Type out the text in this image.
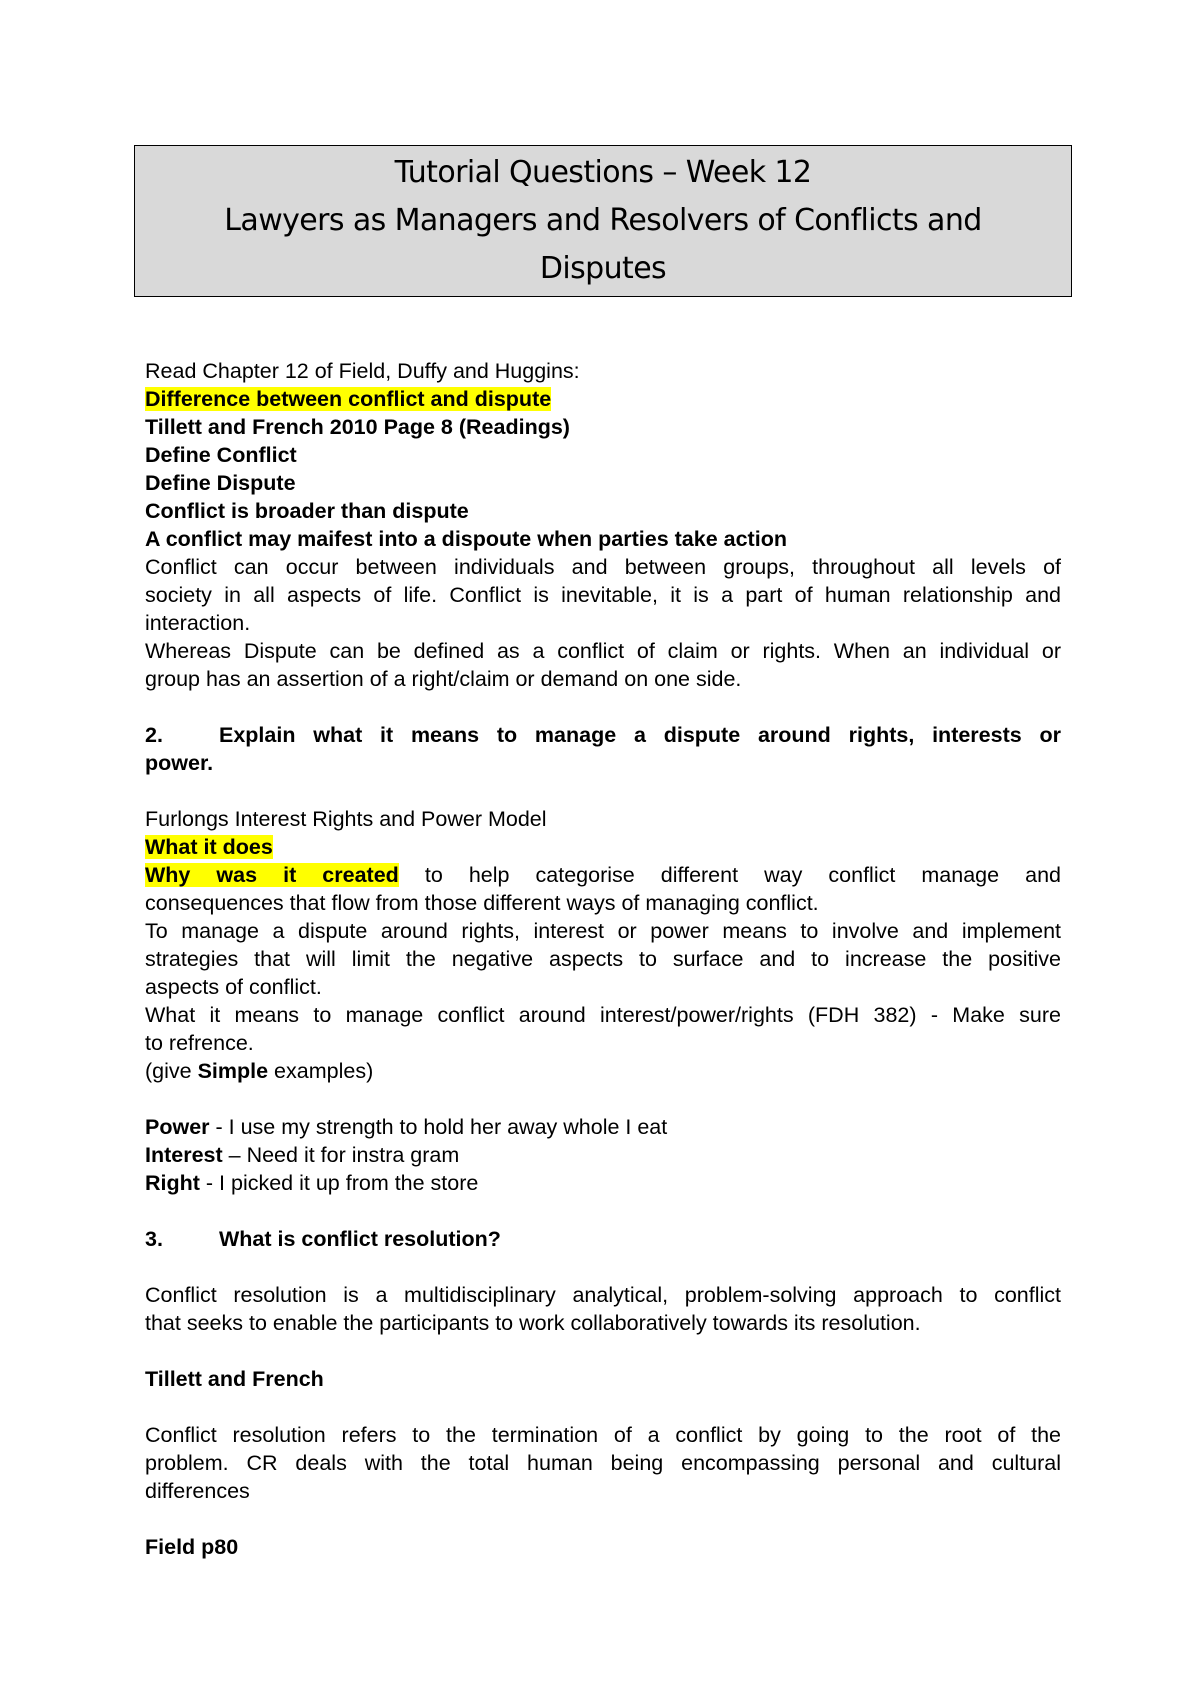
Tutorial Questions – Week 12
Lawyers as Managers and Resolvers of Conflicts and
Disputes

Read Chapter 12 of Field, Duffy and Huggins:

Difference between conflict and dispute

Tillett and French 2010 Page 8 (Readings)

Define Conflict

Define Dispute

Conflict is broader than dispute

A conflict may maifest into a dispoute when parties take action

Conflict can occur between individuals and between groups, throughout all levels of

society in all aspects of life. Conflict is inevitable, it is a part of human relationship and

interaction.

Whereas Dispute can be defined as a conflict of claim or rights. When an individual or

group has an assertion of a right/claim or demand on one side.

2.	Explain what it means to manage a dispute around rights, interests or

power.

Furlongs Interest Rights and Power Model

What it does

Why was it created to help categorise different way conflict manage and

consequences that flow from those different ways of managing conflict.

To manage a dispute around rights, interest or power means to involve and implement

strategies that will limit the negative aspects to surface and to increase the positive

aspects of conflict.

What it means to manage conflict around interest/power/rights (FDH 382) - Make sure

to refrence.

(give Simple examples)

Power - I use my strength to hold her away whole I eat

Interest – Need it for instra gram

Right - I picked it up from the store

3.	What is conflict resolution?

Conflict resolution is a multidisciplinary analytical, problem-solving approach to conflict

that seeks to enable the participants to work collaboratively towards its resolution.

Tillett and French

Conflict resolution refers to the termination of a conflict by going to the root of the

problem. CR deals with the total human being encompassing personal and cultural

differences

Field p80
